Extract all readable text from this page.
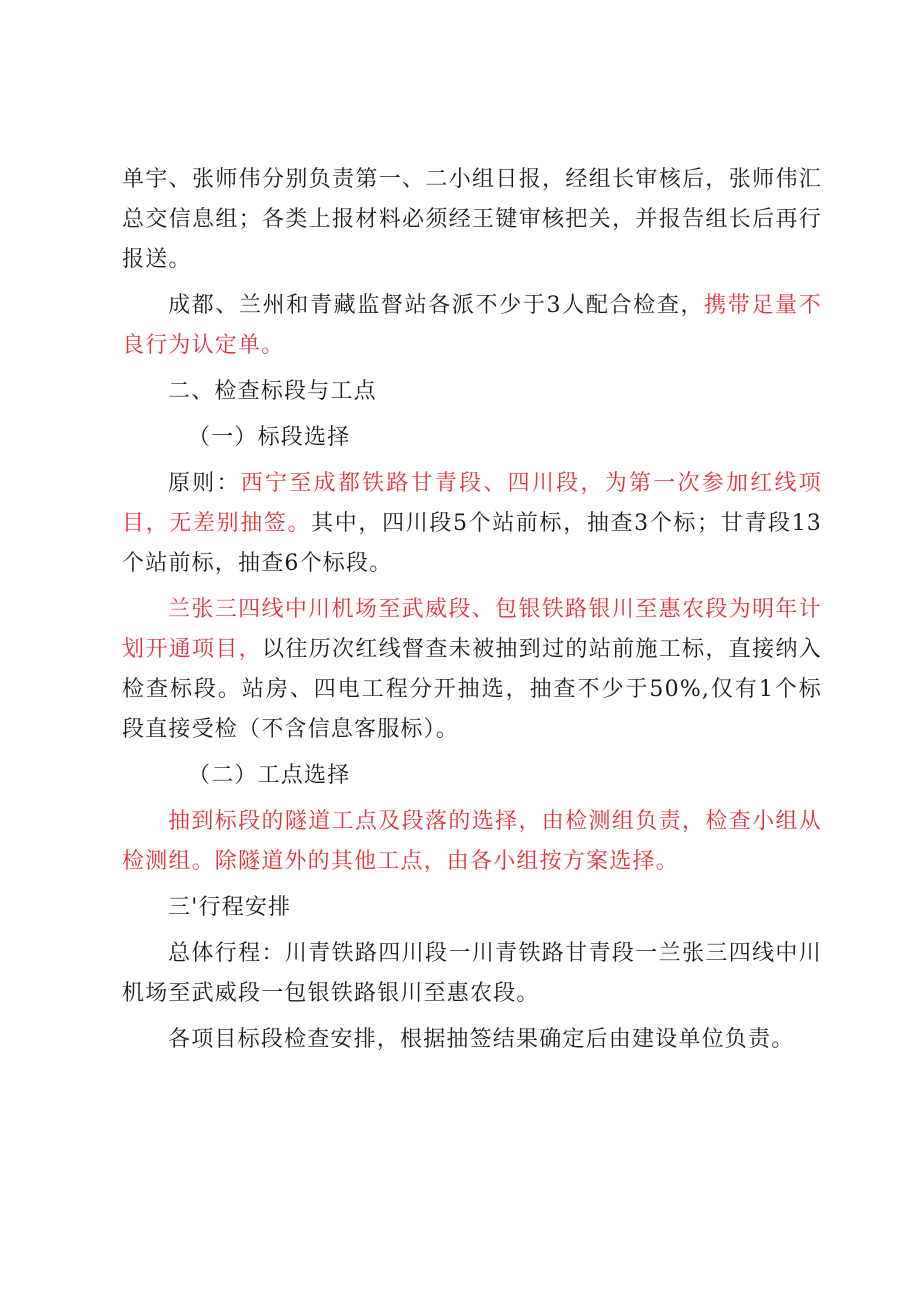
单宇、张师伟分别负责第一、二小组日报，经组长审核后，张师伟汇总交信息组；各类上报材料必须经王键审核把关，并报告组长后再行报送。

成都、兰州和青藏监督站各派不少于3人配合检查，携带足量不良行为认定单。

二、检查标段与工点

（一）标段选择

原则：西宁至成都铁路甘青段、四川段，为第一次参加红线项目，无差别抽签。其中，四川段5个站前标，抽查3个标；甘青段13个站前标，抽查6个标段。

兰张三四线中川机场至武威段、包银铁路银川至惠农段为明年计划开通项目，以往历次红线督查未被抽到过的站前施工标，直接纳入检查标段。站房、四电工程分开抽选，抽查不少于50%,仅有1个标段直接受检（不含信息客服标）。

（二）工点选择

抽到标段的隧道工点及段落的选择，由检测组负责，检查小组从检测组。除隧道外的其他工点，由各小组按方案选择。

三'行程安排

总体行程：川青铁路四川段一川青铁路甘青段一兰张三四线中川机场至武威段一包银铁路银川至惠农段。

各项目标段检查安排，根据抽签结果确定后由建设单位负责。
